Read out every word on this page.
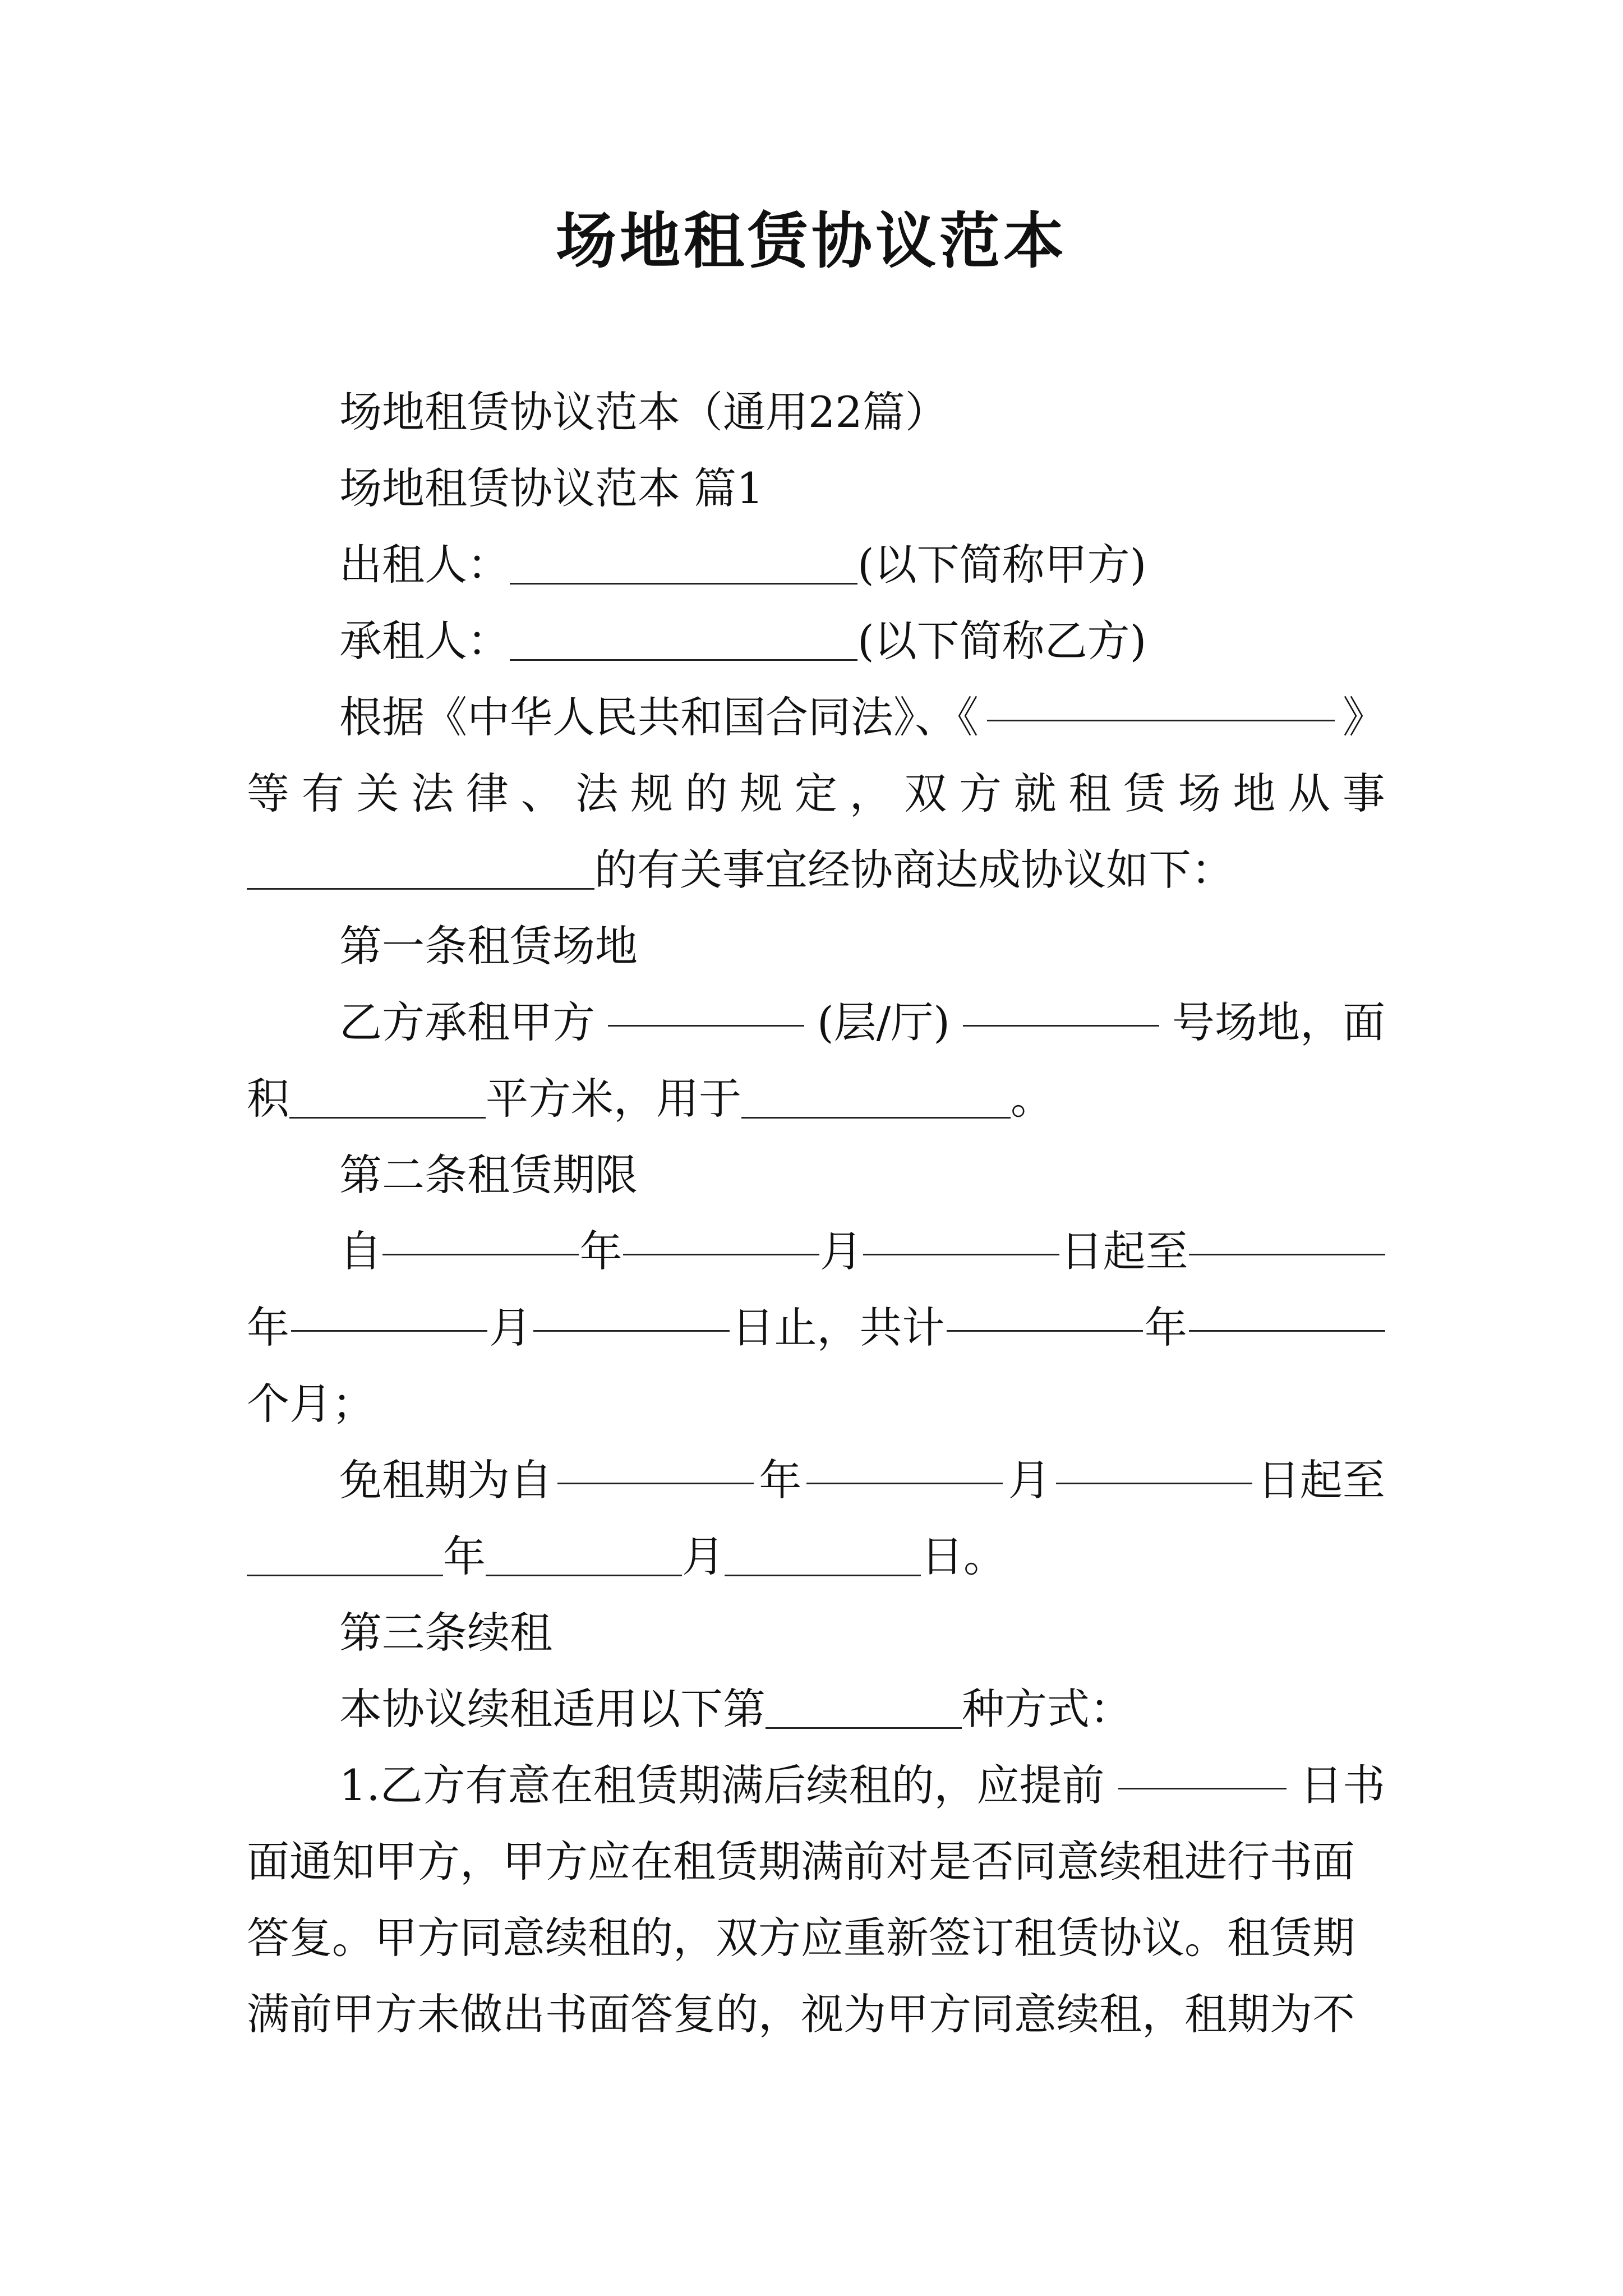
场地租赁协议范本

场地租赁协议范本（通用22篇）

场地租赁协议范本 篇1

出租人：	(以下简称甲方)

承租人：	(以下简称乙方)

根据《中华人民共和国合同法》、《	》

等 有 关 法 律 、 法 规 的 规 定 ， 双 方 就 租 赁 场 地 从 事

的有关事宜经协商达成协议如下：

第一条租赁场地

乙方承租甲方	(层/厅)	号场地，面

积	平方米，用于	。

第二条租赁期限

自	年	月	日起至

年	月	日止，共计	年

个月；

免租期为自	年	月	日起至

年	月	日。

第三条续租

本协议续租适用以下第	种方式：

1.乙方有意在租赁期满后续租的，应提前	日书

面通知甲方，甲方应在租赁期满前对是否同意续租进行书面

答复。甲方同意续租的，双方应重新签订租赁协议。租赁期

满前甲方未做出书面答复的，视为甲方同意续租，租期为不
